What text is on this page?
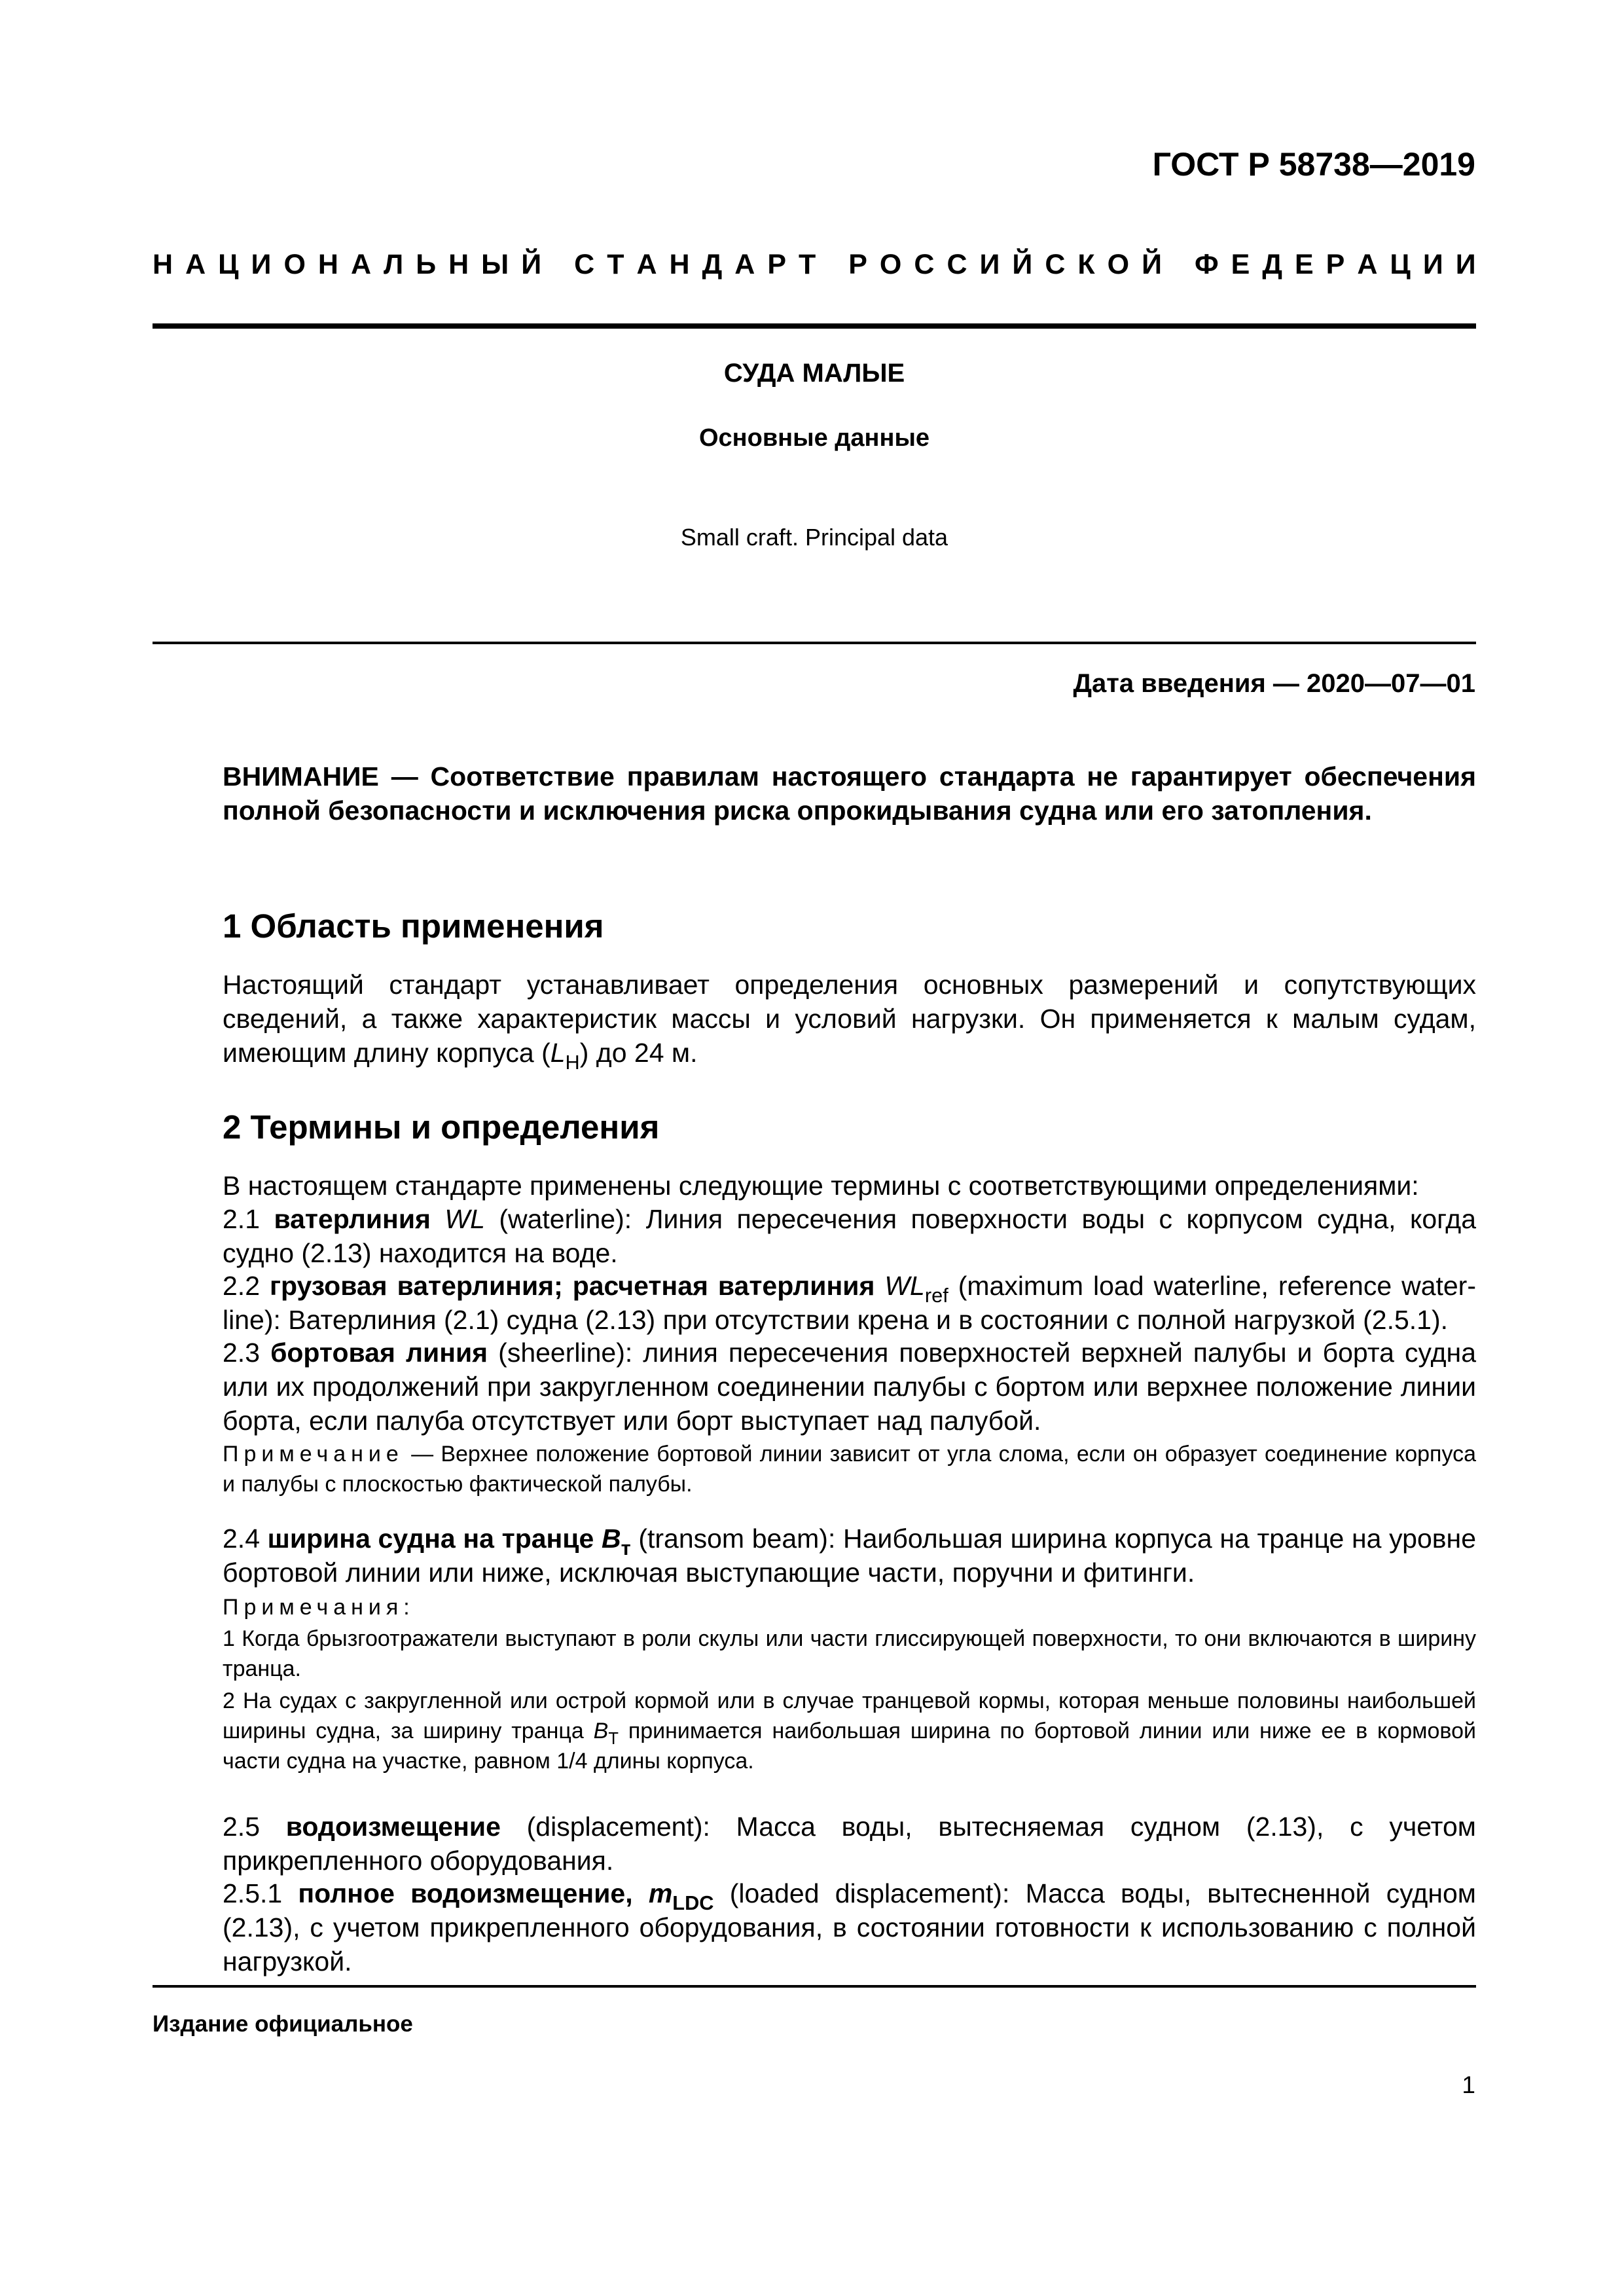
ГОСТ Р 58738—2019
Н А Ц И О Н А Л Ь Н Ы Й
С Т А Н Д А Р Т
Р О С С И Й С К О Й
Ф Е Д Е Р А Ц И И
СУДА МАЛЫЕ
Основные данные
Small craft. Principal data
Дата введения — 2020—07—01
ВНИМАНИЕ — Соответствие правилам настоящего стандарта не гарантирует обеспечения полной безопасности и исключения риска опрокидывания судна или его затопления.
1 Область применения
Настоящий стандарт устанавливает определения основных размерений и сопутствующих сведений, а также характеристик массы и условий нагрузки. Он применяется к малым судам, имеющим длину корпуса $(L_H)$ до 24 м.
2 Термины и определения
В настоящем стандарте применены следующие термины с соответствующими определениями:
2.1 ватерлиния WL (waterline): Линия пересечения поверхности воды с корпусом судна, когда судно (2.13) находится на воде.
2.2 грузовая ватерлиния; расчетная ватерлиния $WL_{ref}$ (maximum load waterline, reference waterline): Ватерлиния (2.1) судна (2.13) при отсутствии крена и в состоянии с полной нагрузкой (2.5.1).
2.3 бортовая линия (sheerline): линия пересечения поверхностей верхней палубы и борта судна или их продолжений при закругленном соединении палубы с бортом или верхнее положение линии борта, если палуба отсутствует или борт выступает над палубой.
Примечание — Верхнее положение бортовой линии зависит от угла слома, если он образует соединение корпуса и палубы с плоскостью фактической палубы.
2.4 ширина судна на транце $B_т$ (transom beam): Наибольшая ширина корпуса на транце на уровне бортовой линии или ниже, исключая выступающие части, поручни и фитинги.
Примечания:
1 Когда брызгоотражатели выступают в роли скулы или части глиссирующей поверхности, то они включаются в ширину транца.
2 На судах с закругленной или острой кормой или в случае транцевой кормы, которая меньше половины наибольшей ширины судна, за ширину транца $B_T$ принимается наибольшая ширина по бортовой линии или ниже ее в кормовой части судна на участке, равном 1/4 длины корпуса.
2.5 водоизмещение (displacement): Масса воды, вытесняемая судном (2.13), с учетом прикрепленного оборудования.
2.5.1 полное водоизмещение, $m_{LDC}$ (loaded displacement): Масса воды, вытесненной судном (2.13), с учетом прикрепленного оборудования, в состоянии готовности к использованию с полной нагрузкой.
Издание официальное
1
